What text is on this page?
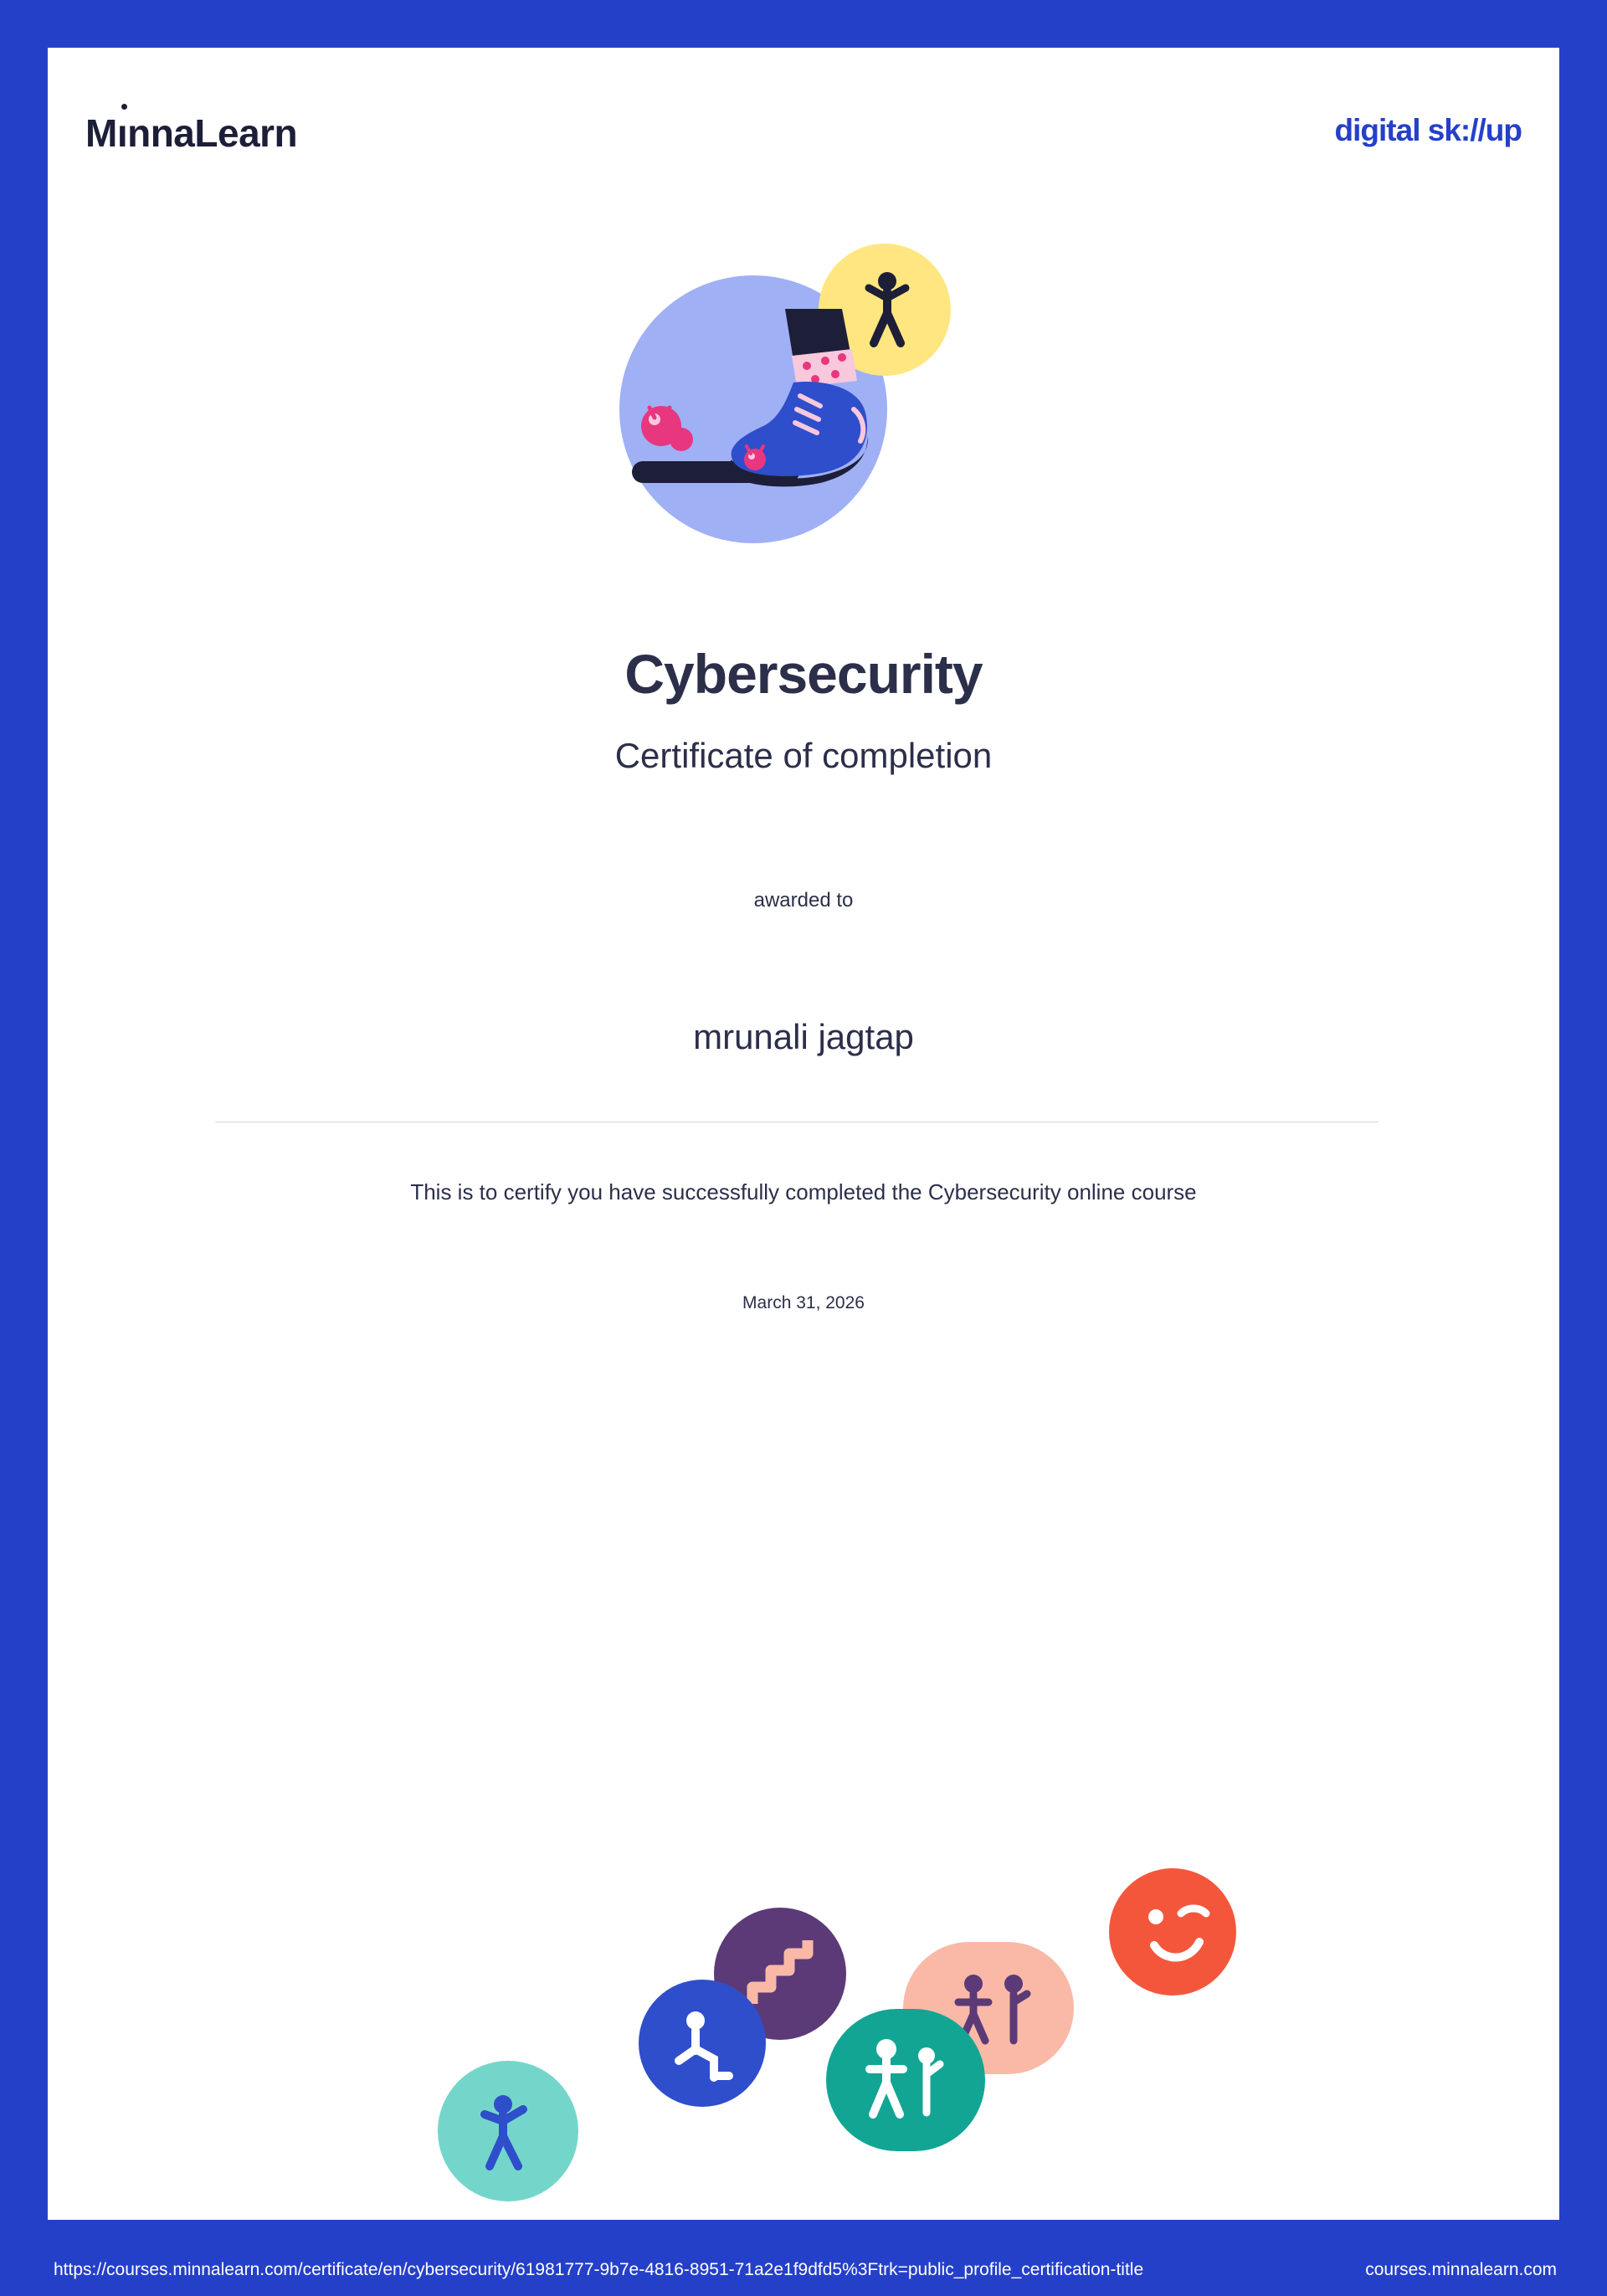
MınnaLearn	digital sk://up
Cybersecurity
Certificate of completion
awarded to
mrunali jagtap
This is to certify you have successfully completed the Cybersecurity online course
March 31, 2026
https://courses.minnalearn.com/certificate/en/cybersecurity/61981777-9b7e-4816-8951-71a2e1f9dfd5%3Ftrk=public_profile_certification-title	courses.minnalearn.com
